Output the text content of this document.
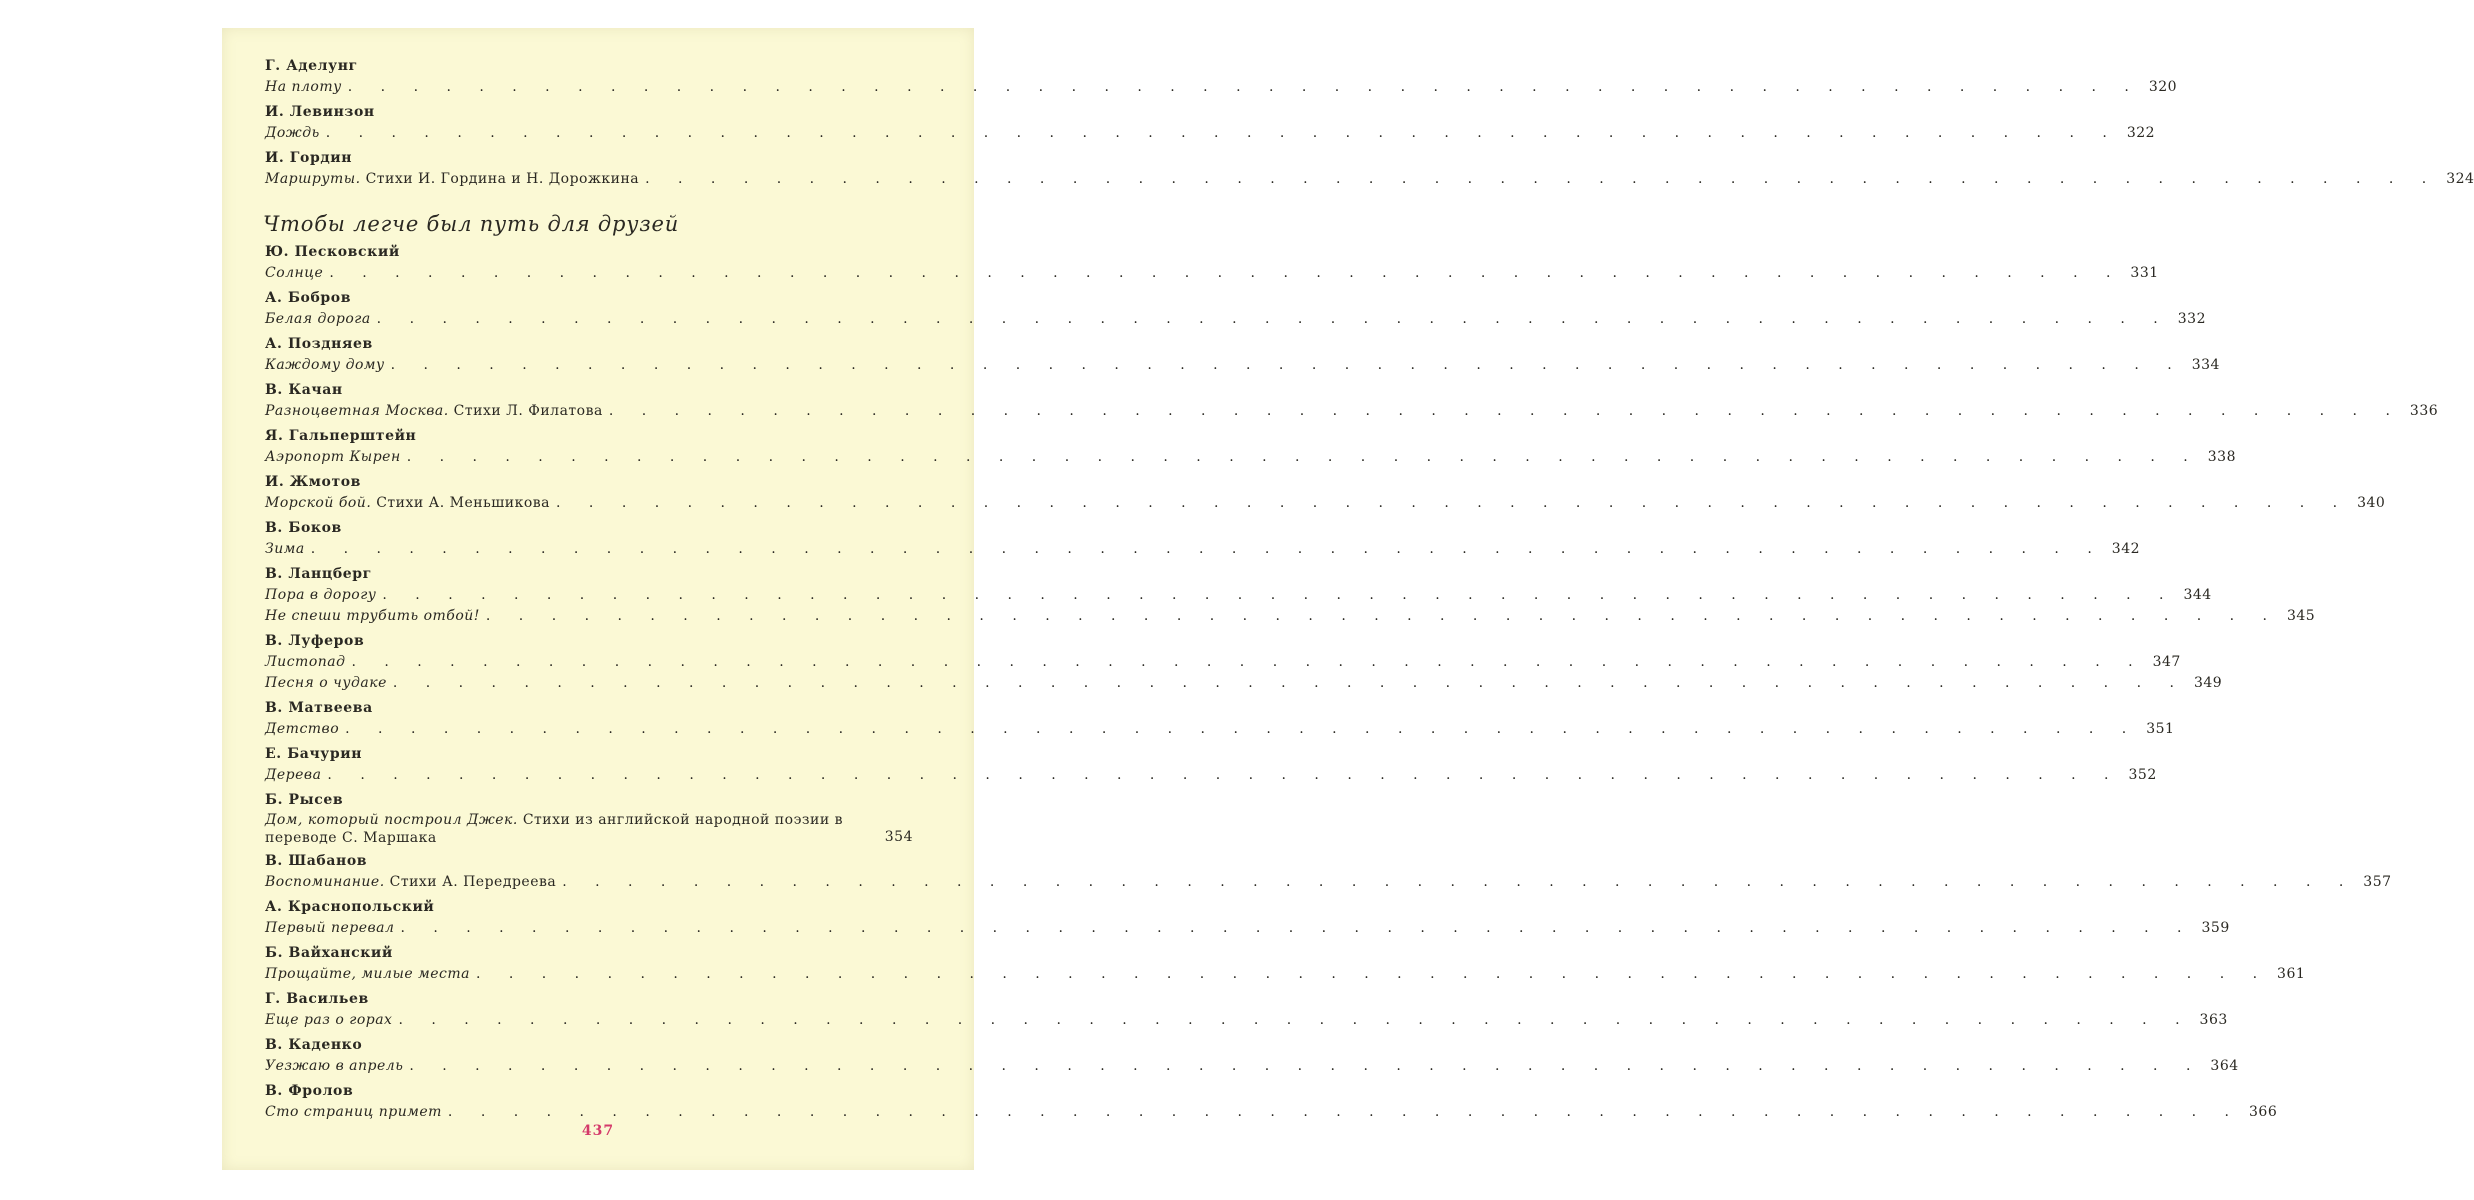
Г. Аделунг
На плоту . . . . . . . . . . . . . . . . . . . . . . . . . . . . . . . . . . . . . . . . . . . . . . . . . . . . . . . 320
И. Левинзон
Дождь . . . . . . . . . . . . . . . . . . . . . . . . . . . . . . . . . . . . . . . . . . . . . . . . . . . . . . . 322
И. Гордин
Маршруты. Стихи И. Гордина и Н. Дорожкина . . . . . . . . . . . . . . . . . . . . . . . . . . . . . . . . . . . . . . . . . . . . . . . . . . . . . . . 324
Чтобы легче был путь для друзей
Ю. Песковский
Солнце . . . . . . . . . . . . . . . . . . . . . . . . . . . . . . . . . . . . . . . . . . . . . . . . . . . . . . . 331
А. Бобров
Белая дорога . . . . . . . . . . . . . . . . . . . . . . . . . . . . . . . . . . . . . . . . . . . . . . . . . . . . . . . 332
А. Поздняев
Каждому дому . . . . . . . . . . . . . . . . . . . . . . . . . . . . . . . . . . . . . . . . . . . . . . . . . . . . . . . 334
В. Качан
Разноцветная Москва. Стихи Л. Филатова . . . . . . . . . . . . . . . . . . . . . . . . . . . . . . . . . . . . . . . . . . . . . . . . . . . . . . . 336
Я. Гальперштейн
Аэропорт Кырен . . . . . . . . . . . . . . . . . . . . . . . . . . . . . . . . . . . . . . . . . . . . . . . . . . . . . . . 338
И. Жмотов
Морской бой. Стихи А. Меньшикова . . . . . . . . . . . . . . . . . . . . . . . . . . . . . . . . . . . . . . . . . . . . . . . . . . . . . . . 340
В. Боков
Зима . . . . . . . . . . . . . . . . . . . . . . . . . . . . . . . . . . . . . . . . . . . . . . . . . . . . . . . 342
В. Ланцберг
Пора в дорогу . . . . . . . . . . . . . . . . . . . . . . . . . . . . . . . . . . . . . . . . . . . . . . . . . . . . . . . 344
Не спеши трубить отбой! . . . . . . . . . . . . . . . . . . . . . . . . . . . . . . . . . . . . . . . . . . . . . . . . . . . . . . . 345
В. Луферов
Листопад . . . . . . . . . . . . . . . . . . . . . . . . . . . . . . . . . . . . . . . . . . . . . . . . . . . . . . . 347
Песня о чудаке . . . . . . . . . . . . . . . . . . . . . . . . . . . . . . . . . . . . . . . . . . . . . . . . . . . . . . . 349
В. Матвеева
Детство . . . . . . . . . . . . . . . . . . . . . . . . . . . . . . . . . . . . . . . . . . . . . . . . . . . . . . . 351
Е. Бачурин
Дерева . . . . . . . . . . . . . . . . . . . . . . . . . . . . . . . . . . . . . . . . . . . . . . . . . . . . . . . 352
Б. Рысев
Дом, который построил Джек. Стихи из английской народной поэзии в переводе С. Маршака	354
В. Шабанов
Воспоминание. Стихи А. Передреева . . . . . . . . . . . . . . . . . . . . . . . . . . . . . . . . . . . . . . . . . . . . . . . . . . . . . . . 357
А. Краснопольский
Первый перевал . . . . . . . . . . . . . . . . . . . . . . . . . . . . . . . . . . . . . . . . . . . . . . . . . . . . . . . 359
Б. Вайханский
Прощайте, милые места . . . . . . . . . . . . . . . . . . . . . . . . . . . . . . . . . . . . . . . . . . . . . . . . . . . . . . . 361
Г. Васильев
Еще раз о горах . . . . . . . . . . . . . . . . . . . . . . . . . . . . . . . . . . . . . . . . . . . . . . . . . . . . . . . 363
В. Каденко
Уезжаю в апрель . . . . . . . . . . . . . . . . . . . . . . . . . . . . . . . . . . . . . . . . . . . . . . . . . . . . . . . 364
В. Фролов
Сто страниц примет . . . . . . . . . . . . . . . . . . . . . . . . . . . . . . . . . . . . . . . . . . . . . . . . . . . . . . . 366
437
